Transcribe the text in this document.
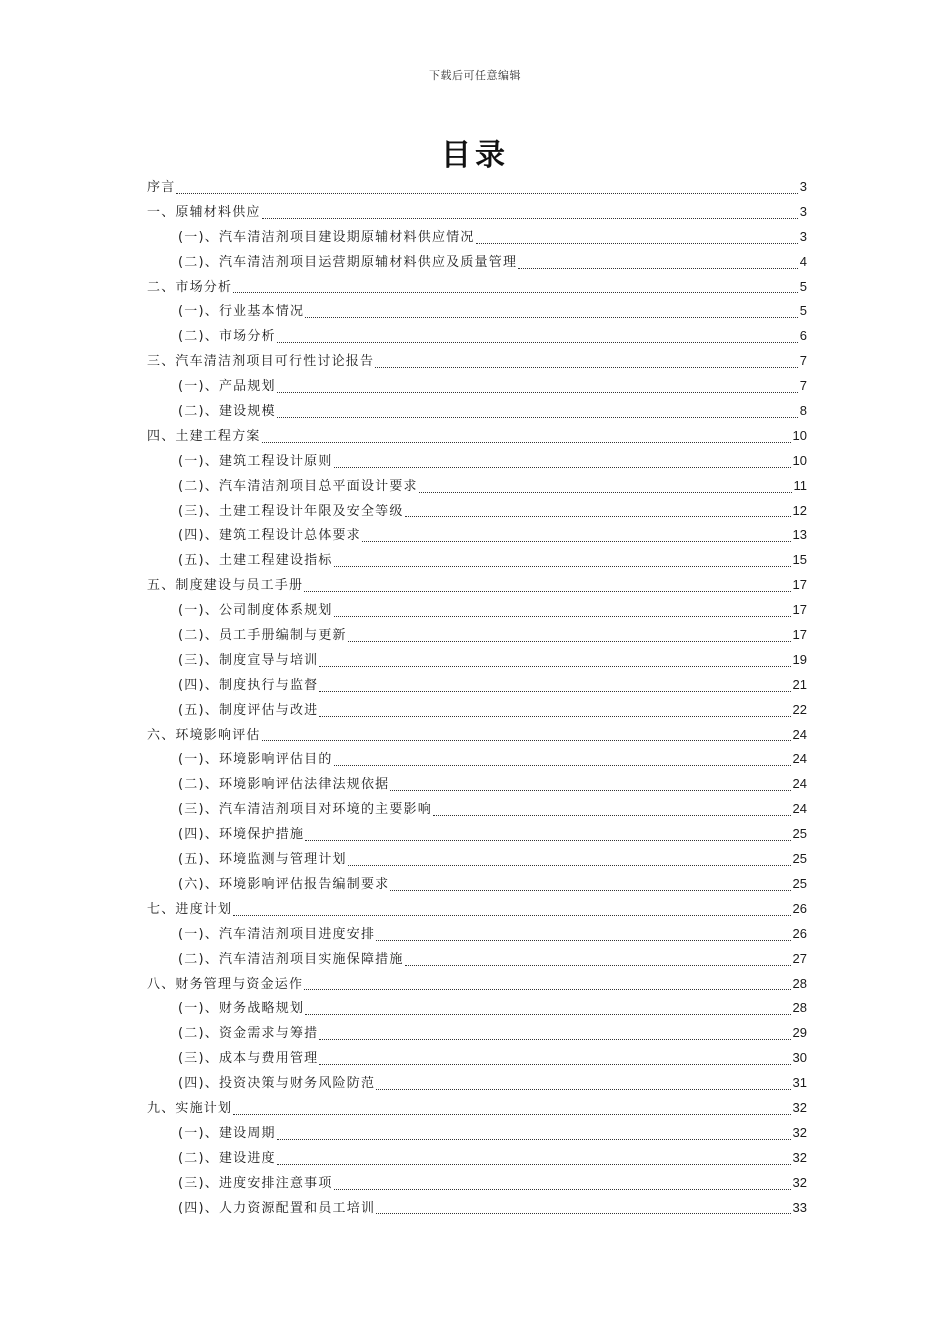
下载后可任意编辑
目录
序言	3
一、原辅材料供应	3
(一)、汽车清洁剂项目建设期原辅材料供应情况	3
(二)、汽车清洁剂项目运营期原辅材料供应及质量管理	4
二、市场分析	5
(一)、行业基本情况	5
(二)、市场分析	6
三、汽车清洁剂项目可行性讨论报告	7
(一)、产品规划	7
(二)、建设规模	8
四、土建工程方案	10
(一)、建筑工程设计原则	10
(二)、汽车清洁剂项目总平面设计要求	11
(三)、土建工程设计年限及安全等级	12
(四)、建筑工程设计总体要求	13
(五)、土建工程建设指标	15
五、制度建设与员工手册	17
(一)、公司制度体系规划	17
(二)、员工手册编制与更新	17
(三)、制度宣导与培训	19
(四)、制度执行与监督	21
(五)、制度评估与改进	22
六、环境影响评估	24
(一)、环境影响评估目的	24
(二)、环境影响评估法律法规依据	24
(三)、汽车清洁剂项目对环境的主要影响	24
(四)、环境保护措施	25
(五)、环境监测与管理计划	25
(六)、环境影响评估报告编制要求	25
七、进度计划	26
(一)、汽车清洁剂项目进度安排	26
(二)、汽车清洁剂项目实施保障措施	27
八、财务管理与资金运作	28
(一)、财务战略规划	28
(二)、资金需求与筹措	29
(三)、成本与费用管理	30
(四)、投资决策与财务风险防范	31
九、实施计划	32
(一)、建设周期	32
(二)、建设进度	32
(三)、进度安排注意事项	32
(四)、人力资源配置和员工培训	33
